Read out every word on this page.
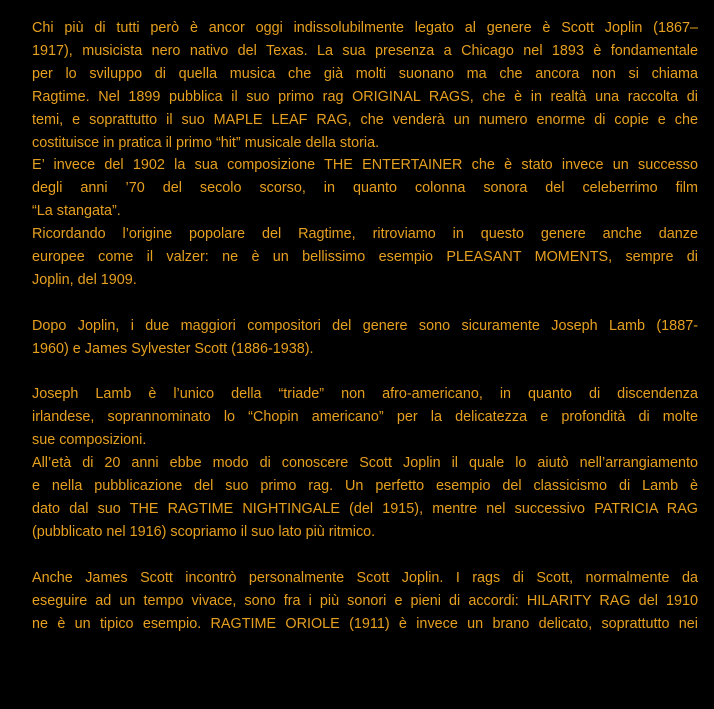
Chi più di tutti però è ancor oggi indissolubilmente legato al genere è Scott Joplin (1867–
1917), musicista nero nativo del Texas. La sua presenza a Chicago nel 1893 è fondamentale
per lo sviluppo di quella musica che già molti suonano ma che ancora non si chiama
Ragtime. Nel 1899 pubblica il suo primo rag ORIGINAL RAGS, che è in realtà una raccolta di
temi, e soprattutto il suo MAPLE LEAF RAG, che venderà un numero enorme di copie e che
costituisce in pratica il primo “hit” musicale della storia.
E’ invece del 1902 la sua composizione THE ENTERTAINER che è stato invece un successo
degli anni ’70 del secolo scorso, in quanto colonna sonora del celeberrimo film
“La stangata”.
Ricordando l’origine popolare del Ragtime, ritroviamo in questo genere anche danze
europee come il valzer: ne è un bellissimo esempio PLEASANT MOMENTS, sempre di
Joplin, del 1909.
Dopo Joplin, i due maggiori compositori del genere sono sicuramente Joseph Lamb (1887-
1960) e James Sylvester Scott (1886-1938).
Joseph Lamb è l’unico della “triade” non afro-americano, in quanto di discendenza
irlandese, soprannominato lo “Chopin americano” per la delicatezza e profondità di molte
sue composizioni.
All’età di 20 anni ebbe modo di conoscere Scott Joplin il quale lo aiutò nell’arrangiamento
e nella pubblicazione del suo primo rag. Un perfetto esempio del classicismo di Lamb è
dato dal suo THE RAGTIME NIGHTINGALE (del 1915), mentre nel successivo PATRICIA RAG
(pubblicato nel 1916) scopriamo il suo lato più ritmico.
Anche James Scott incontrò personalmente Scott Joplin. I rags di Scott, normalmente da
eseguire ad un tempo vivace, sono fra i più sonori e pieni di accordi: HILARITY RAG del 1910
ne è un tipico esempio. RAGTIME ORIOLE (1911) è invece un brano delicato, soprattutto nei
